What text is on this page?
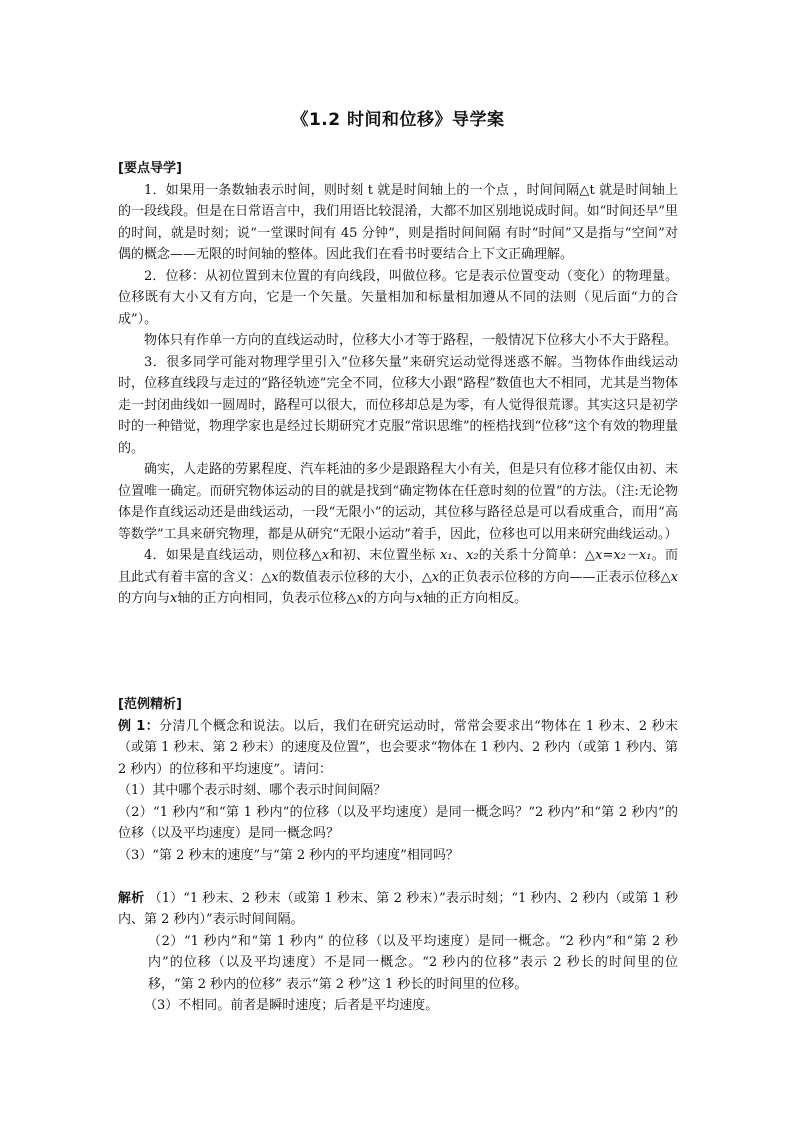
《1.2 时间和位移》导学案
[要点导学]

1．如果用一条数轴表示时间，则时刻 t 就是时间轴上的一个点 ，时间间隔△t 就是时间轴上的一段线段。但是在日常语言中，我们用语比较混淆，大都不加区别地说成时间。如“时间还早”里的时间，就是时刻；说“一堂课时间有 45 分钟”，则是指时间间隔 有时“时间”又是指与“空间”对偶的概念——无限的时间轴的整体。因此我们在看书时要结合上下文正确理解。

2．位移：从初位置到末位置的有向线段，叫做位移。它是表示位置变动（变化）的物理量。位移既有大小又有方向，它是一个矢量。矢量相加和标量相加遵从不同的法则（见后面“力的合成”）。

物体只有作单一方向的直线运动时，位移大小才等于路程，一般情况下位移大小不大于路程。

3．很多同学可能对物理学里引入“位移矢量”来研究运动觉得迷惑不解。当物体作曲线运动时，位移直线段与走过的“路径轨迹”完全不同，位移大小跟“路程”数值也大不相同，尤其是当物体走一封闭曲线如一圆周时，路程可以很大，而位移却总是为零，有人觉得很荒谬。其实这只是初学时的一种错觉，物理学家也是经过长期研究才克服“常识思维”的桎梏找到“位移”这个有效的物理量的。

确实，人走路的劳累程度、汽车耗油的多少是跟路程大小有关，但是只有位移才能仅由初、末位置唯一确定。而研究物体运动的目的就是找到“确定物体在任意时刻的位置”的方法。（注:无论物体是作直线运动还是曲线运动，一段“无限小”的运动，其位移与路径总是可以看成重合，而用“高等数学”工具来研究物理，都是从研究“无限小运动”着手，因此，位移也可以用来研究曲线运动。）

4．如果是直线运动，则位移△x和初、末位置坐标 x₁、x₂的关系十分简单：△x=x₂－x₁。而且此式有着丰富的含义：△x的数值表示位移的大小，△x的正负表示位移的方向——正表示位移△x的方向与x轴的正方向相同，负表示位移△x的方向与x轴的正方向相反。

[范例精析]

例 1：分清几个概念和说法。以后，我们在研究运动时，常常会要求出“物体在 1 秒末、2 秒末（或第 1 秒末、第 2 秒末）的速度及位置”，也会要求“物体在 1 秒内、2 秒内（或第 1 秒内、第 2 秒内）的位移和平均速度”。请问：

（1）其中哪个表示时刻、哪个表示时间间隔？

（2）“1 秒内”和“第 1 秒内”的位移（以及平均速度）是同一概念吗？“2 秒内”和“第 2 秒内”的位移（以及平均速度）是同一概念吗？

（3）“第 2 秒末的速度”与“第 2 秒内的平均速度”相同吗？

解析 （1）“1 秒末、2 秒末（或第 1 秒末、第 2 秒末）”表示时刻；“1 秒内、2 秒内（或第 1 秒内、第 2 秒内）”表示时间间隔。

（2）“1 秒内”和“第 1 秒内” 的位移（以及平均速度）是同一概念。“2 秒内”和“第 2 秒内”的位移（以及平均速度）不是同一概念。“2 秒内的位移”表示 2 秒长的时间里的位移，“第 2 秒内的位移” 表示“第 2 秒”这 1 秒长的时间里的位移。

（3）不相同。前者是瞬时速度；后者是平均速度。
